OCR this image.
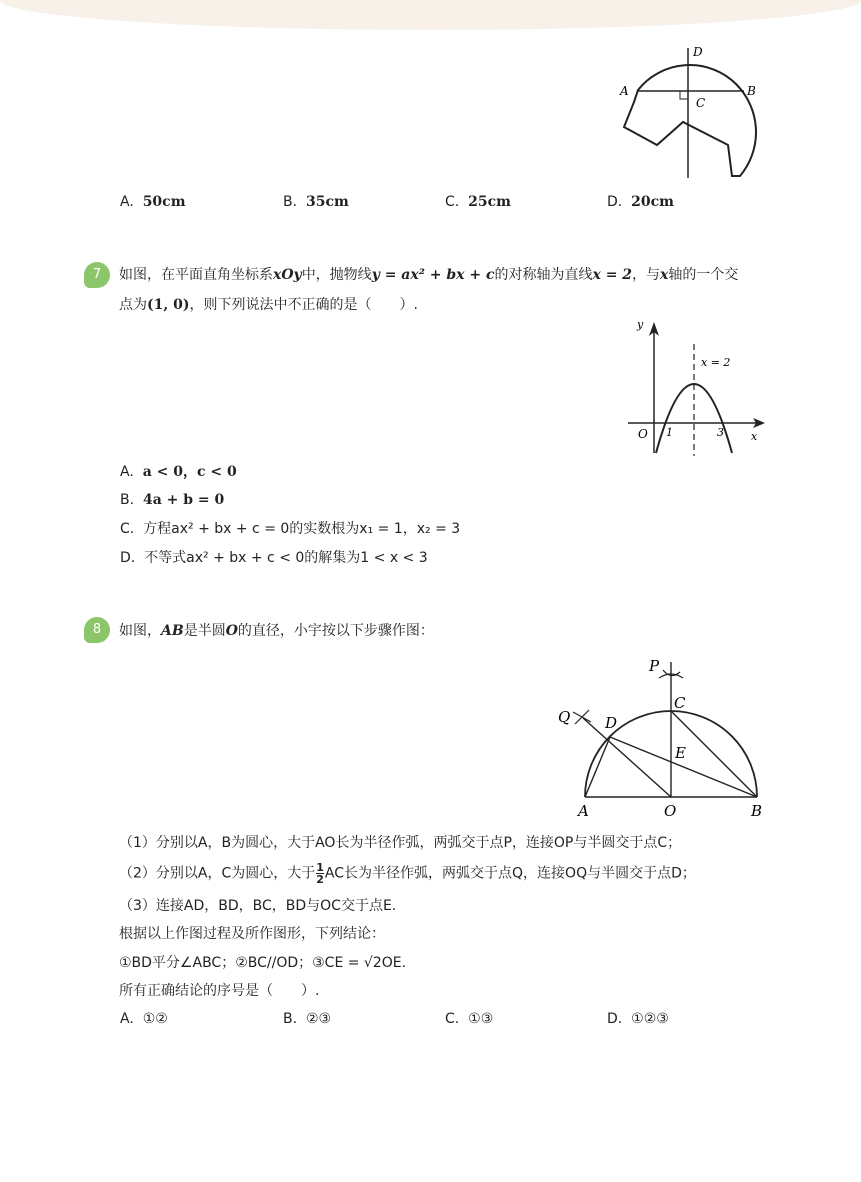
D
A	B
C
A. 50cm	B. 35cm	C. 25cm	D. 20cm
7	如图，在平面直角坐标系xOy中，抛物线y = ax² + bx + c的对称轴为直线x = 2，与x轴的一个交
点为(1, 0)，则下列说法中不正确的是（　　）.
x = 2
y
x
O 1	3
A. a < 0，c < 0
B. 4a + b = 0
C. 方程ax² + bx + c = 0的实数根为x₁ = 1，x₂ = 3
D. 不等式ax² + bx + c < 0的解集为1 < x < 3
8	如图，AB是半圆O的直径，小宇按以下步骤作图：
P
C
Q D
E
A	O	B
（1）分别以A，B为圆心，大于AO长为半径作弧，两弧交于点P，连接OP与半圆交于点C；
（2）分别以A，C为圆心，大于 $\frac{1}{2}$ AC长为半径作弧，两弧交于点Q，连接OQ与半圆交于点D；
（3）连接AD，BD，BC，BD与OC交于点E.
根据以上作图过程及所作图形，下列结论：
①BD平分∠ABC；②BC//OD；③CE = √2OE.
所有正确结论的序号是（　　）.
A. ①②	B. ②③	C. ①③	D. ①②③
